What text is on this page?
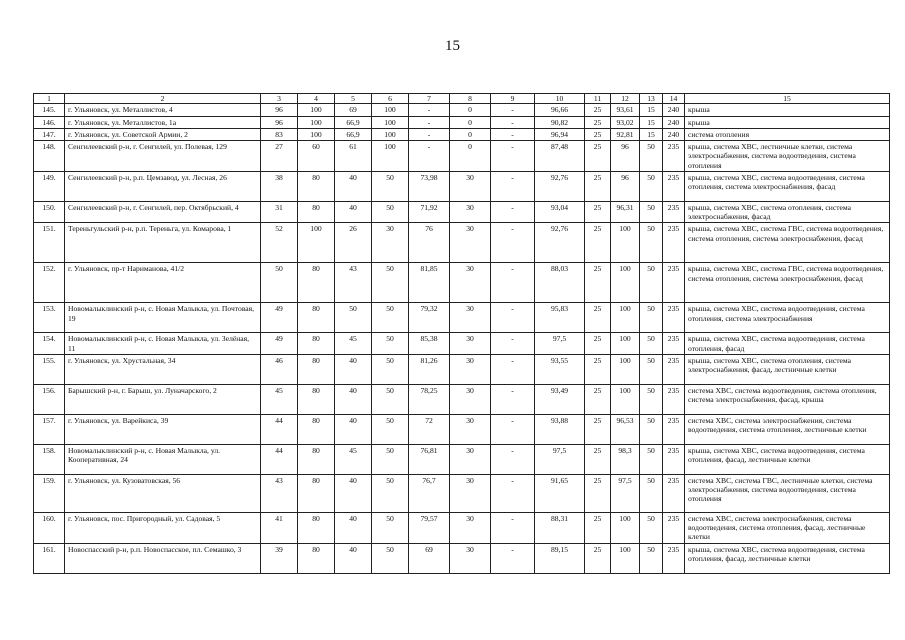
15
1	2	3	4	5	6	7	8	9	10	11	12	13	14	15
145.	г. Ульяновск, ул. Металлистов, 4	96	100	69	100	-	0	-	96,66	25	93,61	15	240	крыша
146.	г. Ульяновск, ул. Металлистов, 1а	96	100	66,9	100	-	0	-	90,82	25	93,02	15	240	крыша
147.	г. Ульяновск, ул. Советской Армии, 2	83	100	66,9	100	-	0	-	96,94	25	92,81	15	240	система отопления
148.	Сенгилеевский р-н, г. Сенгилей, ул. Полевая, 129	27	60	61	100	-	0	-	87,48	25	96	50	235	крыша, система ХВС, лестничные клетки, система электроснабжения, система водоотведения, система отопления
149.	Сенгилеевский р-н, р.п. Цемзавод, ул. Лесная, 26	38	80	40	50	73,98	30	-	92,76	25	96	50	235	крыша, система ХВС, система водоотведения, система отопления, система электроснабжения, фасад
150.	Сенгилеевский р-н, г. Сенгилей, пер. Октябрьский, 4	31	80	40	50	71,92	30	-	93,04	25	96,31	50	235	крыша, система ХВС, система отопления, система электроснабжения, фасад
151.	Тереньгульский р-н, р.п. Тереньга, ул. Комарова, 1	52	100	26	30	76	30	-	92,76	25	100	50	235	крыша, система ХВС, система ГВС, система водоотведения, система отопления, система электроснабжения, фасад
152.	г. Ульяновск, пр-т Нариманова, 41/2	50	80	43	50	81,85	30	-	88,03	25	100	50	235	крыша, система ХВС, система ГВС, система водоотведения, система отопления, система электроснабжения, фасад
153.	Новомалыклинский р-н, с. Новая Малыкла, ул. Почтовая, 19	49	80	50	50	79,32	30	-	95,83	25	100	50	235	крыша, система ХВС, система водоотведения, система отопления, система электроснабжения
154.	Новомалыклинский р-н, с. Новая Малыкла, ул. Зелёная, 11	49	80	45	50	85,38	30	-	97,5	25	100	50	235	крыша, система ХВС, система водоотведения, система отопления, фасад
155.	г. Ульяновск, ул. Хрустальная, 34	46	80	40	50	81,26	30	-	93,55	25	100	50	235	крыша, система ХВС, система отопления, система электроснабжения, фасад, лестничные клетки
156.	Барышский р-н, г. Барыш, ул. Луначарского, 2	45	80	40	50	78,25	30	-	93,49	25	100	50	235	система ХВС, система водоотведения, система отопления, система электроснабжения, фасад, крыша
157.	г. Ульяновск, ул. Варейкиса, 39	44	80	40	50	72	30	-	93,88	25	96,53	50	235	система ХВС, система электроснабжения, система водоотведения, система отопления, лестничные клетки
158.	Новомалыклинский р-н, с. Новая Малыкла, ул. Кооперативная, 24	44	80	45	50	76,81	30	-	97,5	25	98,3	50	235	крыша, система ХВС, система водоотведения, система отопления, фасад, лестничные клетки
159.	г. Ульяновск, ул. Кузоватовская, 56	43	80	40	50	76,7	30	-	91,65	25	97,5	50	235	система ХВС, система ГВС, лестничные клетки, система электроснабжения, система водоотведения, система отопления
160.	г. Ульяновск, пос. Пригородный, ул. Садовая, 5	41	80	40	50	79,57	30	-	88,31	25	100	50	235	система ХВС, система электроснабжения, система водоотведения, система отопления, фасад, лестничные клетки
161.	Новоспасский р-н, р.п. Новоспасское, пл. Семашко, 3	39	80	40	50	69	30	-	89,15	25	100	50	235	крыша, система ХВС, система водоотведения, система отопления, фасад, лестничные клетки
